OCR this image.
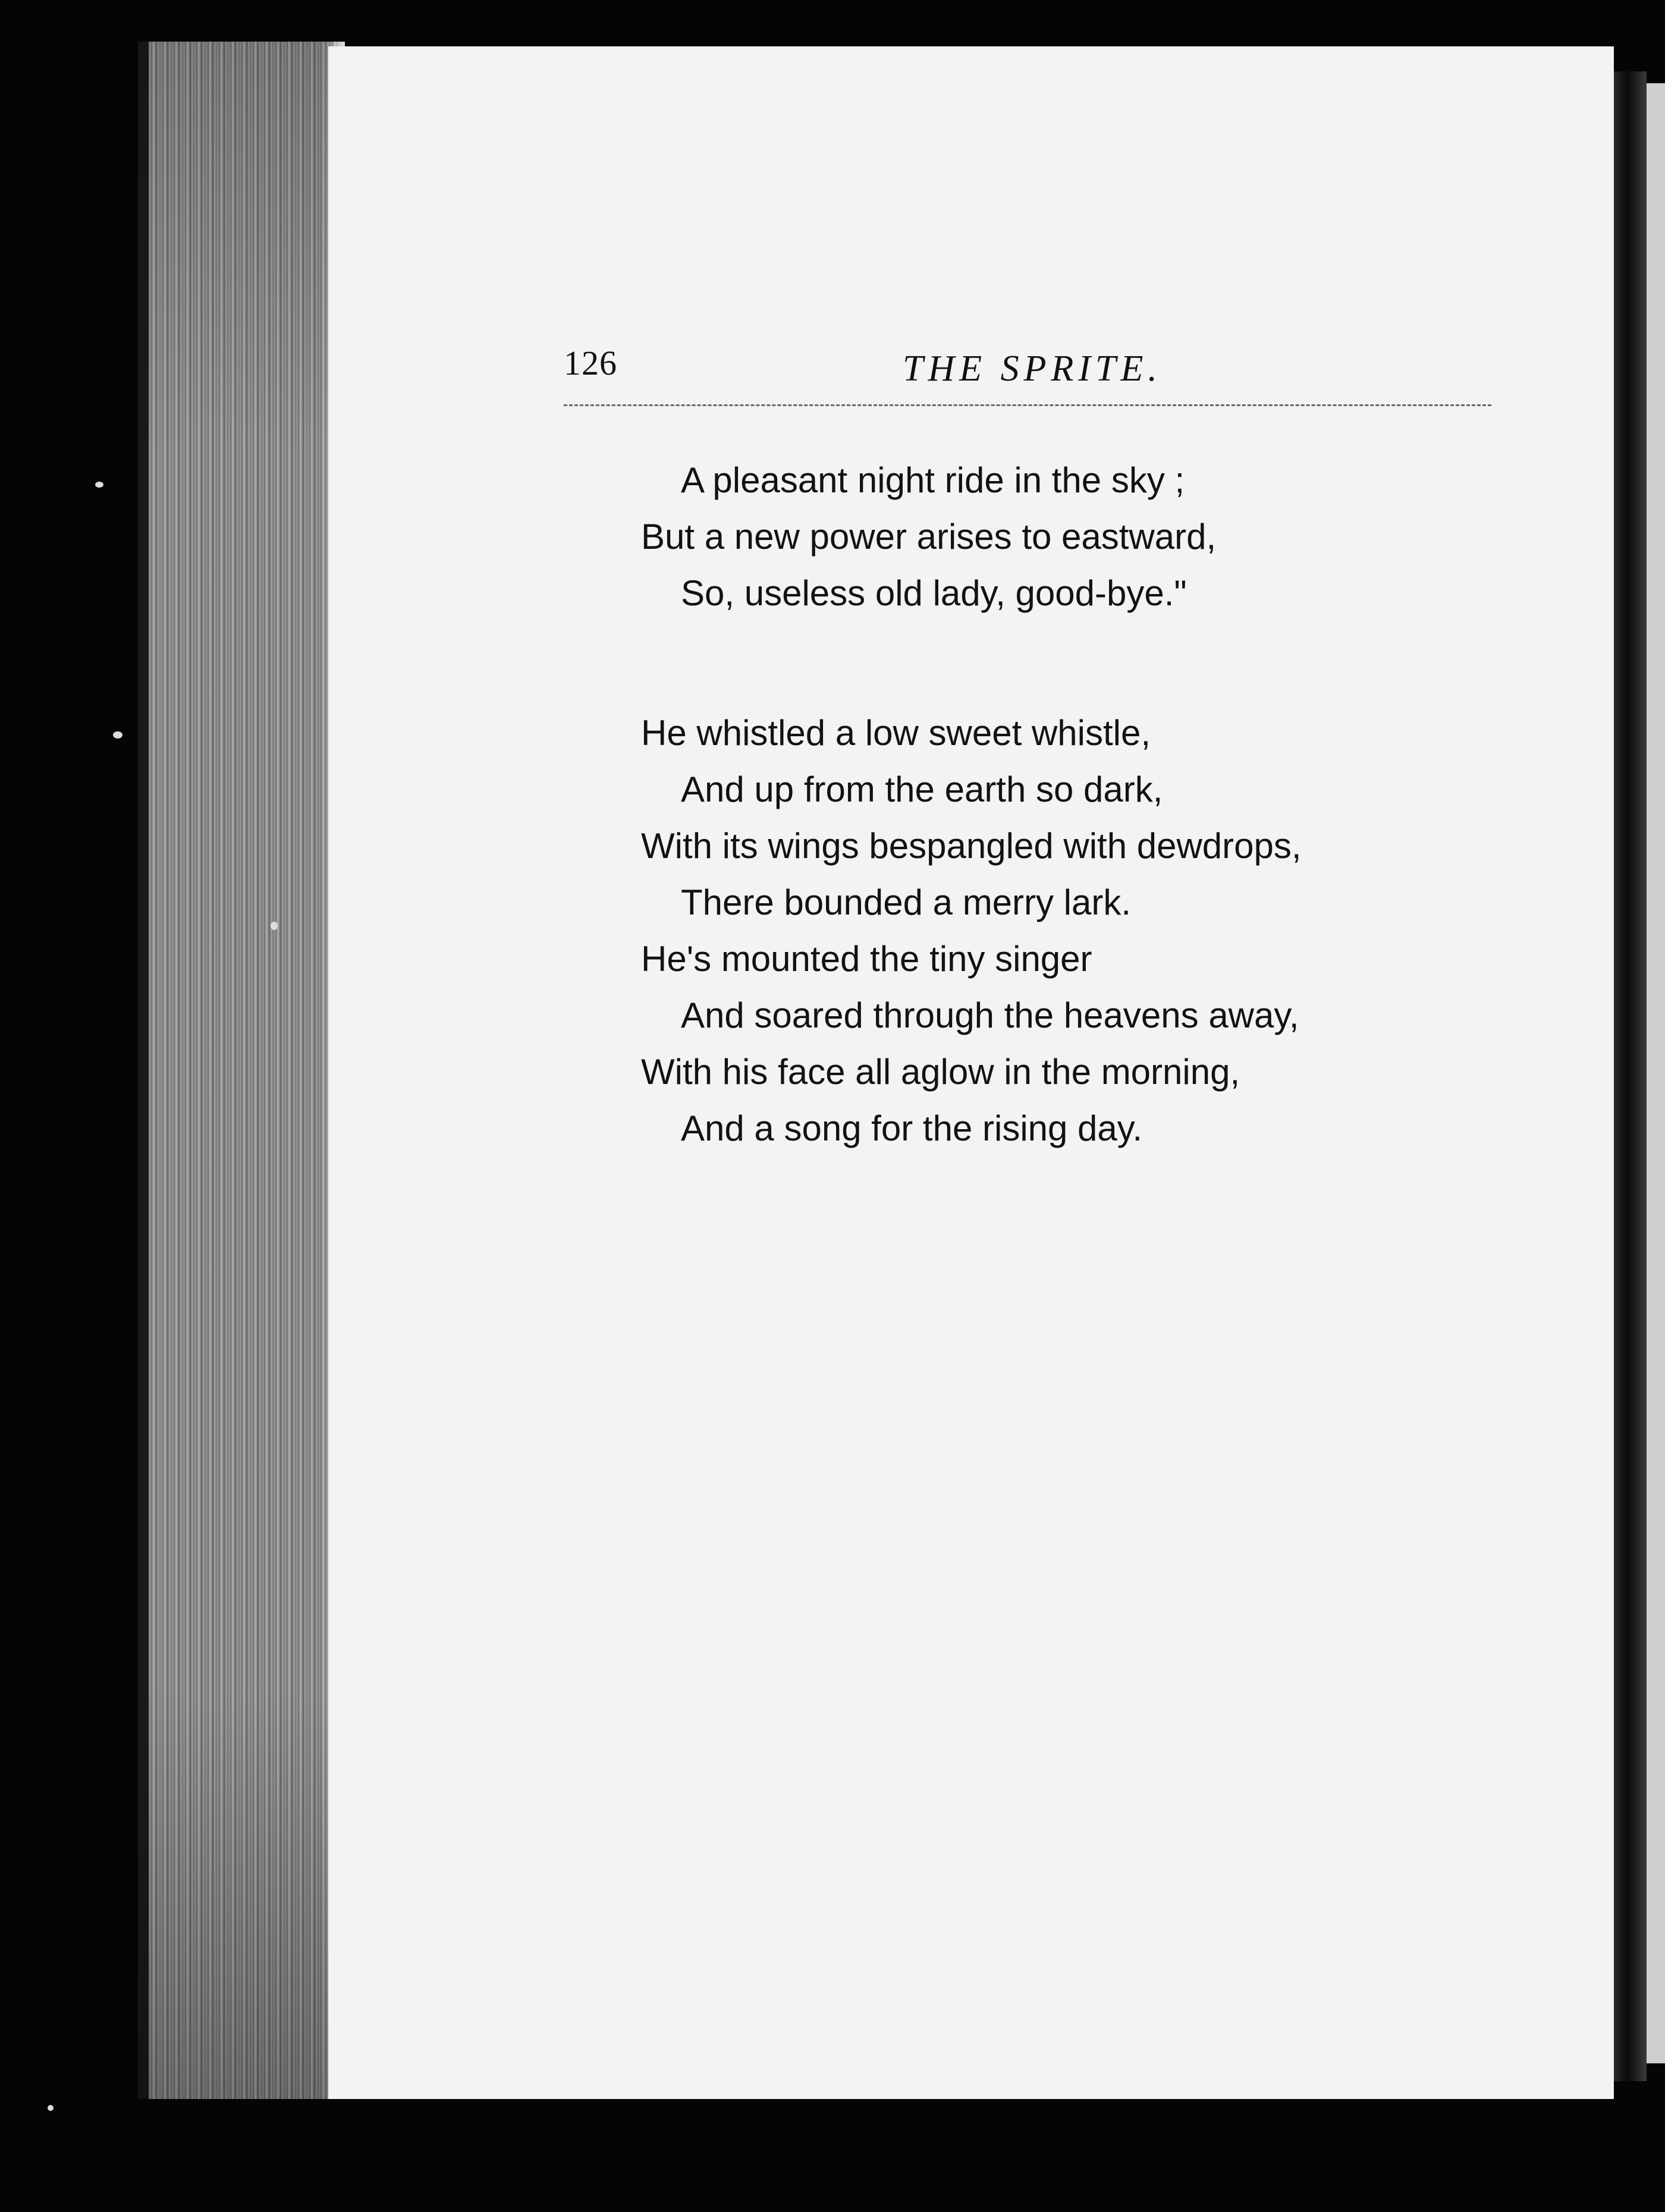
126	THE SPRITE.
A pleasant night ride in the sky ;
But a new power arises to eastward,
So, useless old lady, good-bye."
He whistled a low sweet whistle,
And up from the earth so dark,
With its wings bespangled with dewdrops,
There bounded a merry lark.
He's mounted the tiny singer
And soared through the heavens away,
With his face all aglow in the morning,
And a song for the rising day.
